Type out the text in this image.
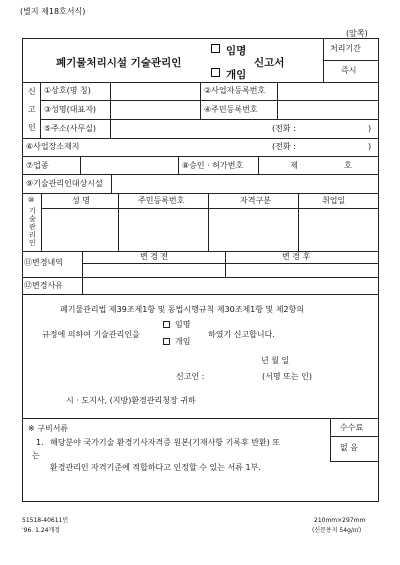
(별지 제18호서식)
(앞쪽)
폐기물처리시설 기술관리인
임명
개임
신고서
처리기간
즉시
신
고
인
①상호(명 칭)	②사업자등록번호
③성명(대표자)	④주민등록번호
⑤주소(사무실)	(전화 :	)
⑥사업장소재지	(전화 :	)
⑦업종	⑧승인 · 허가번호	제	호
⑨기술관리인대상시설
⑩
기
술
관
리
인
성 명	주민등록번호	자격구분	취업일
⑪변경내역
변 경 전	변 경 후
⑫변경사유
폐기물관리법 제39조제1항 및 동법시행규칙 제30조제1항 및 제2항의
규정에 의하여 기술관리인을
임명
개임
하였기 신고합니다.
년 월 일
신고인 :	(서명 또는 인)
시 · 도지사, (지방)환경관리청장 귀하
※ 구비서류
1. 해당분야 국가기술 환경기사자격증 원본(기재사항 기록후 반환) 또
는
환경관리인 자격기준에 적합하다고 인정할 수 있는 서류 1부.
수수료
없 음
51518-40611민
'96. 1.24개정
210mm×297mm
(신문용지 54g/㎡)
